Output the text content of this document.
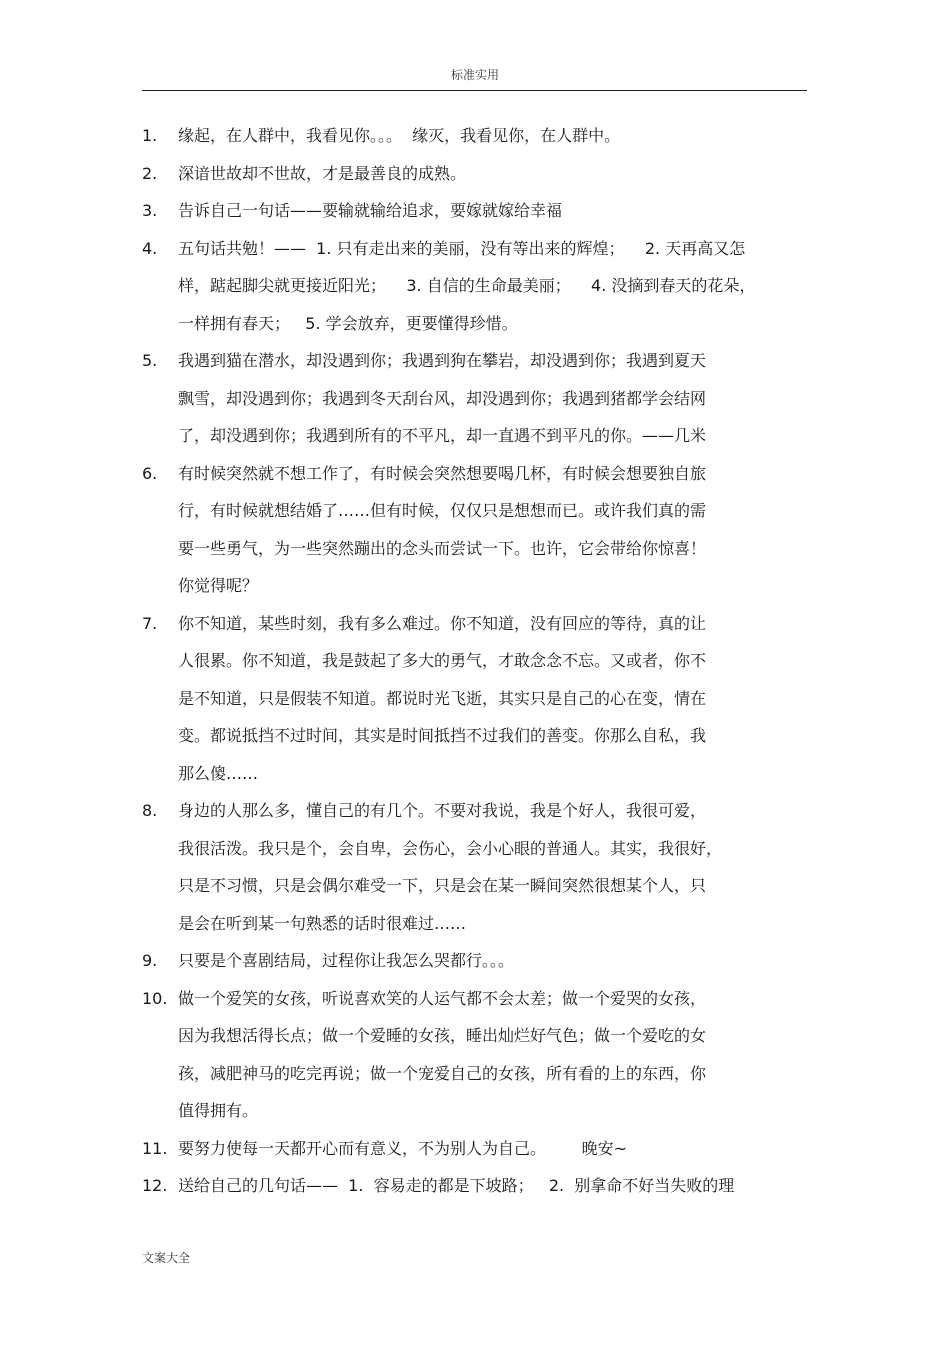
标准实用
1.	缘起，在人群中，我看见你。。。  缘灭，我看见你，在人群中。
2.	深谙世故却不世故，才是最善良的成熟。
3.	告诉自己一句话——要输就输给追求，要嫁就嫁给幸福
4.	五句话共勉！——  1. 只有走出来的美丽，没有等出来的辉煌；    2. 天再高又怎
样，踮起脚尖就更接近阳光；    3. 自信的生命最美丽；    4. 没摘到春天的花朵，
一样拥有春天；   5. 学会放弃，更要懂得珍惜。
5.	我遇到猫在潜水，却没遇到你；我遇到狗在攀岩，却没遇到你；我遇到夏天
飘雪，却没遇到你；我遇到冬天刮台风，却没遇到你；我遇到猪都学会结网
了，却没遇到你；我遇到所有的不平凡，却一直遇不到平凡的你。——几米
6.	有时候突然就不想工作了，有时候会突然想要喝几杯，有时候会想要独自旅
行，有时候就想结婚了……但有时候，仅仅只是想想而已。或许我们真的需
要一些勇气，为一些突然蹦出的念头而尝试一下。也许，它会带给你惊喜！
你觉得呢？
7.	你不知道，某些时刻，我有多么难过。你不知道，没有回应的等待，真的让
人很累。你不知道，我是鼓起了多大的勇气，才敢念念不忘。又或者，你不
是不知道，只是假装不知道。都说时光飞逝，其实只是自己的心在变，情在
变。都说抵挡不过时间，其实是时间抵挡不过我们的善变。你那么自私，我
那么傻……
8.	身边的人那么多，懂自己的有几个。不要对我说，我是个好人，我很可爱，
我很活泼。我只是个，会自卑，会伤心，会小心眼的普通人。其实，我很好，
只是不习惯，只是会偶尔难受一下，只是会在某一瞬间突然很想某个人，只
是会在听到某一句熟悉的话时很难过……
9.	只要是个喜剧结局，过程你让我怎么哭都行。。。
10. 做一个爱笑的女孩，听说喜欢笑的人运气都不会太差；做一个爱哭的女孩，
因为我想活得长点；做一个爱睡的女孩，睡出灿烂好气色；做一个爱吃的女
孩，减肥神马的吃完再说；做一个宠爱自己的女孩，所有看的上的东西，你
值得拥有。
11. 要努力使每一天都开心而有意义，不为别人为自己。       晚安~
12. 送给自己的几句话——  1.  容易走的都是下坡路；   2.  别拿命不好当失败的理
文案大全
